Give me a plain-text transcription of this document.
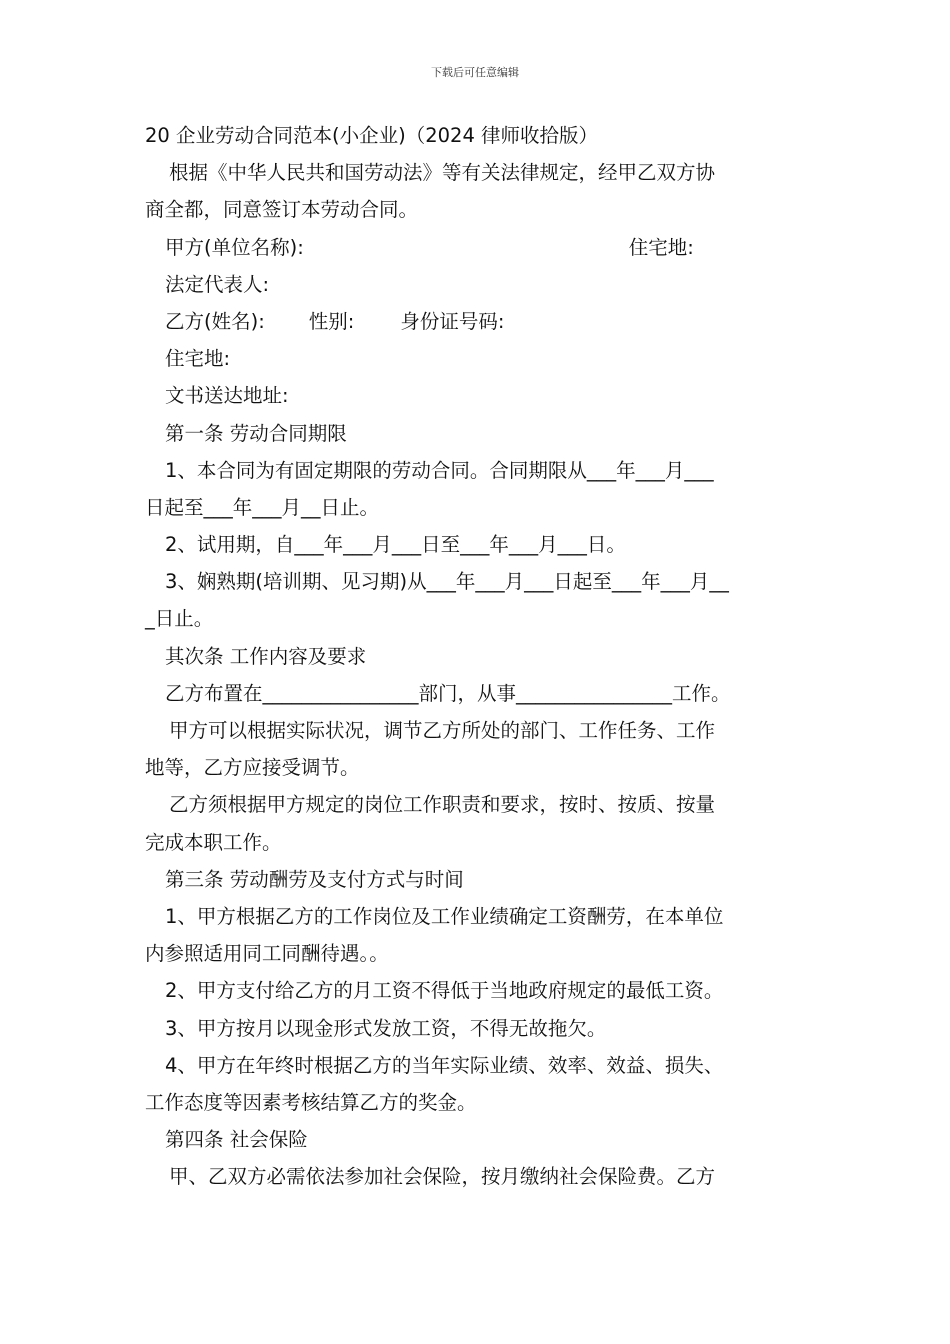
下载后可任意编辑
20 企业劳动合同范本(小企业)（2024 律师收拾版）
根据《中华人民共和国劳动法》等有关法律规定，经甲乙双方协
商全都，同意签订本劳动合同。
甲方(单位名称):	住宅地:
法定代表人:
乙方(姓名): 性别: 身份证号码:
住宅地:
文书送达地址:
第一条 劳动合同期限
1、本合同为有固定期限的劳动合同。合同期限从___年___月___
日起至___年___月__日止。
2、试用期，自___年___月___日至___年___月___日。
3、娴熟期(培训期、见习期)从___年___月___日起至___年___月__
_日止。
其次条 工作内容及要求
乙方布置在________________部门，从事________________工作。
甲方可以根据实际状况，调节乙方所处的部门、工作任务、工作
地等，乙方应接受调节。
乙方须根据甲方规定的岗位工作职责和要求，按时、按质、按量
完成本职工作。
第三条 劳动酬劳及支付方式与时间
1、甲方根据乙方的工作岗位及工作业绩确定工资酬劳，在本单位
内参照适用同工同酬待遇。。
2、甲方支付给乙方的月工资不得低于当地政府规定的最低工资。
3、甲方按月以现金形式发放工资，不得无故拖欠。
4、甲方在年终时根据乙方的当年实际业绩、效率、效益、损失、
工作态度等因素考核结算乙方的奖金。
第四条 社会保险
甲、乙双方必需依法参加社会保险，按月缴纳社会保险费。乙方
